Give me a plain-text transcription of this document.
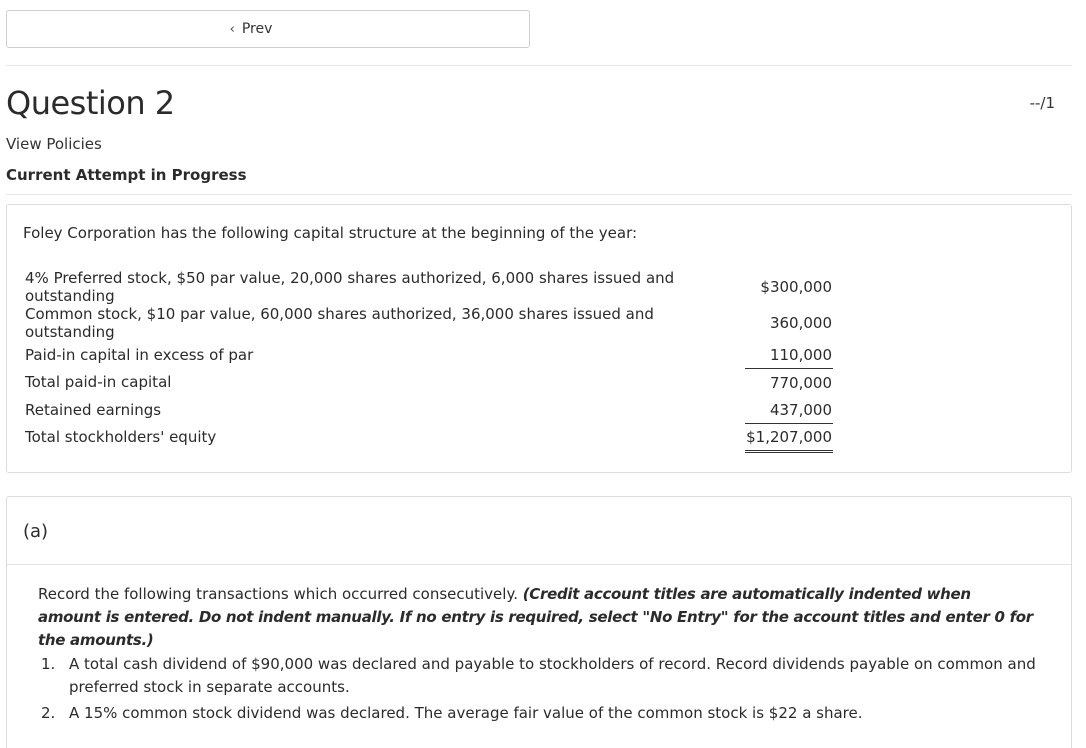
‹ Prev
Question 2	--/1
View Policies
Current Attempt in Progress
Foley Corporation has the following capital structure at the beginning of the year:
4% Preferred stock, $50 par value, 20,000 shares authorized, 6,000 shares issued and outstanding	$300,000
Common stock, $10 par value, 60,000 shares authorized, 36,000 shares issued and outstanding	360,000
Paid-in capital in excess of par	110,000
Total paid-in capital	770,000
Retained earnings	437,000
Total stockholders' equity	$1,207,000
(a)
Record the following transactions which occurred consecutively. (Credit account titles are automatically indented when amount is entered. Do not indent manually. If no entry is required, select "No Entry" for the account titles and enter 0 for the amounts.)
1. A total cash dividend of $90,000 was declared and payable to stockholders of record. Record dividends payable on common and preferred stock in separate accounts.
2. A 15% common stock dividend was declared. The average fair value of the common stock is $22 a share.
